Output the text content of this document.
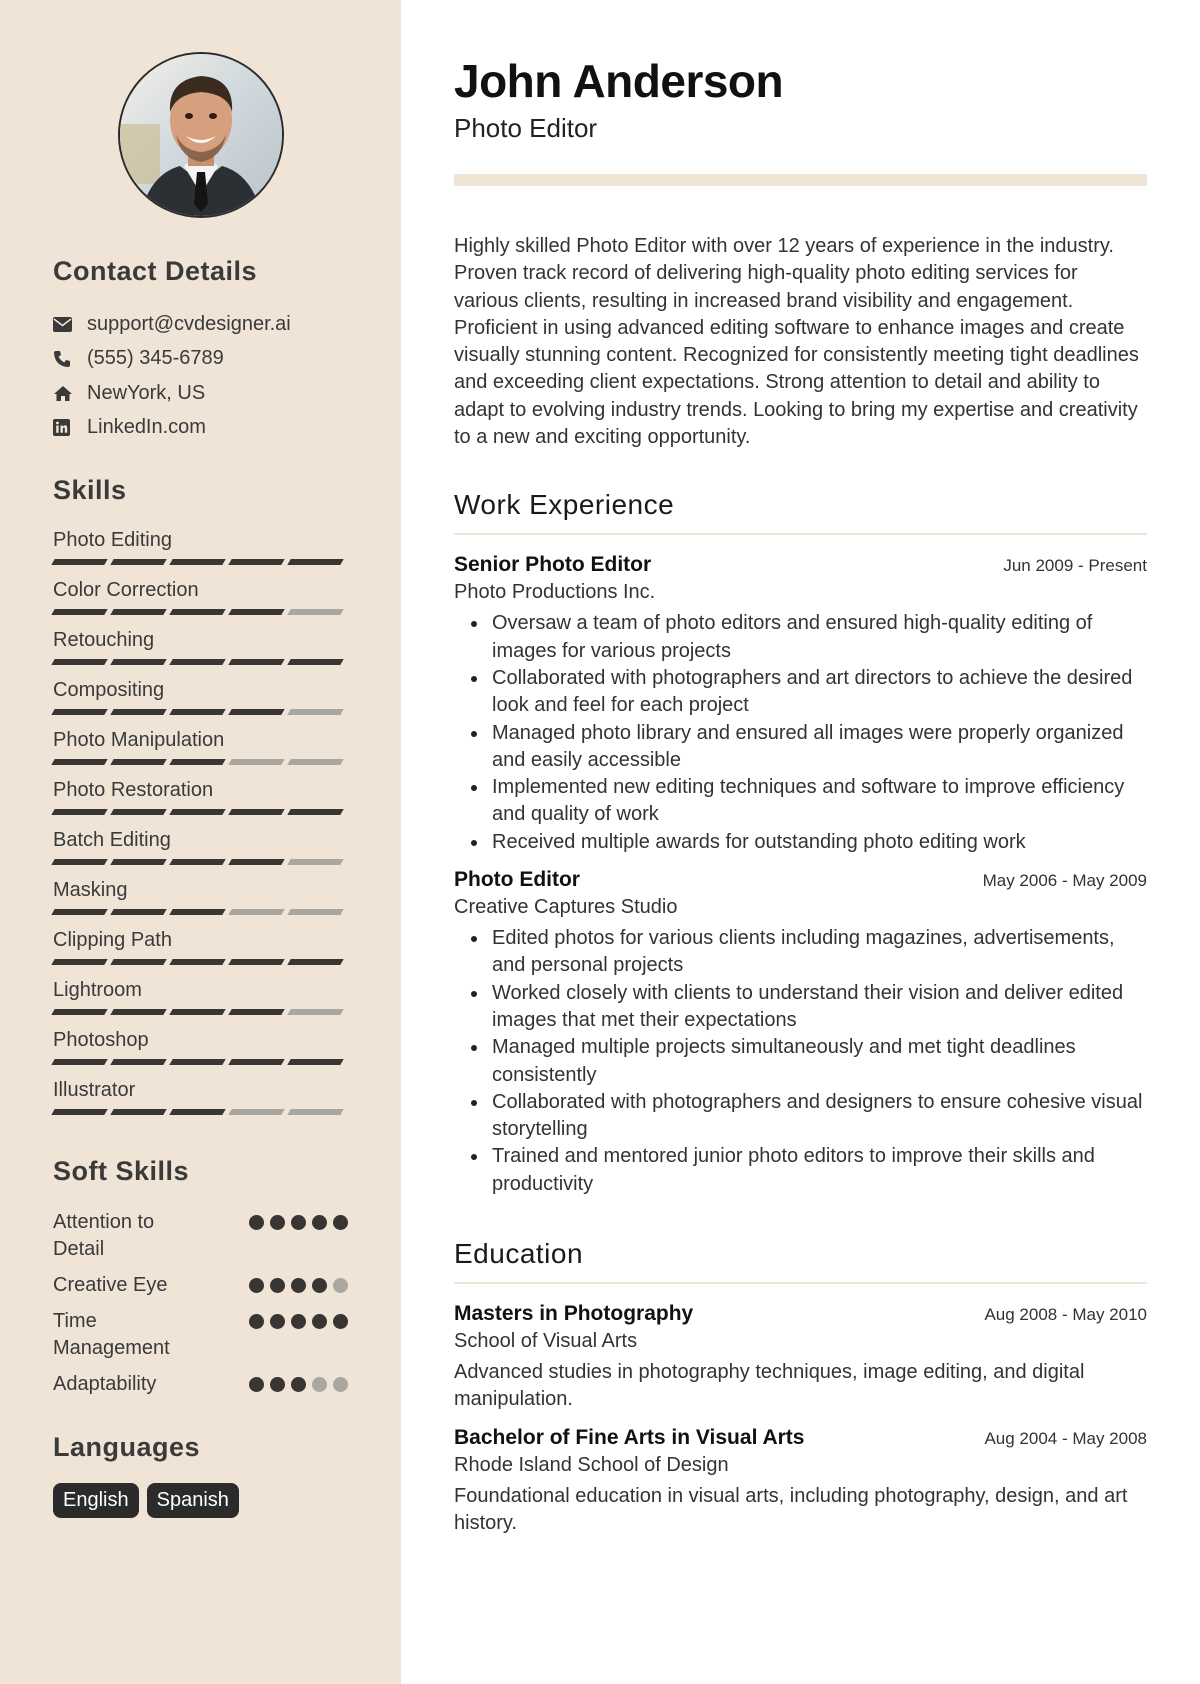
Contact Details
support@cvdesigner.ai
(555) 345-6789
NewYork, US
LinkedIn.com
Skills
Photo Editing
Color Correction
Retouching
Compositing
Photo Manipulation
Photo Restoration
Batch Editing
Masking
Clipping Path
Lightroom
Photoshop
Illustrator
Soft Skills
Attention to
Detail
Creative Eye
Time
Management
Adaptability
Languages
English	Spanish
John Anderson
Photo Editor

Highly skilled Photo Editor with over 12 years of experience in the industry. Proven track record of delivering high-quality photo editing services for various clients, resulting in increased brand visibility and engagement. Proficient in using advanced editing software to enhance images and create visually stunning content. Recognized for consistently meeting tight deadlines and exceeding client expectations. Strong attention to detail and ability to adapt to evolving industry trends. Looking to bring my expertise and creativity to a new and exciting opportunity.

Work Experience
Senior Photo Editor	Jun 2009 - Present
Photo Productions Inc.
Oversaw a team of photo editors and ensured high-quality editing of images for various projects
Collaborated with photographers and art directors to achieve the desired look and feel for each project
Managed photo library and ensured all images were properly organized and easily accessible
Implemented new editing techniques and software to improve efficiency and quality of work
Received multiple awards for outstanding photo editing work
Photo Editor	May 2006 - May 2009
Creative Captures Studio
Edited photos for various clients including magazines, advertisements, and personal projects
Worked closely with clients to understand their vision and deliver edited images that met their expectations
Managed multiple projects simultaneously and met tight deadlines consistently
Collaborated with photographers and designers to ensure cohesive visual storytelling
Trained and mentored junior photo editors to improve their skills and productivity
Education
Masters in Photography	Aug 2008 - May 2010
School of Visual Arts

Advanced studies in photography techniques, image editing, and digital manipulation.

Bachelor of Fine Arts in Visual Arts	Aug 2004 - May 2008
Rhode Island School of Design

Foundational education in visual arts, including photography, design, and art history.
